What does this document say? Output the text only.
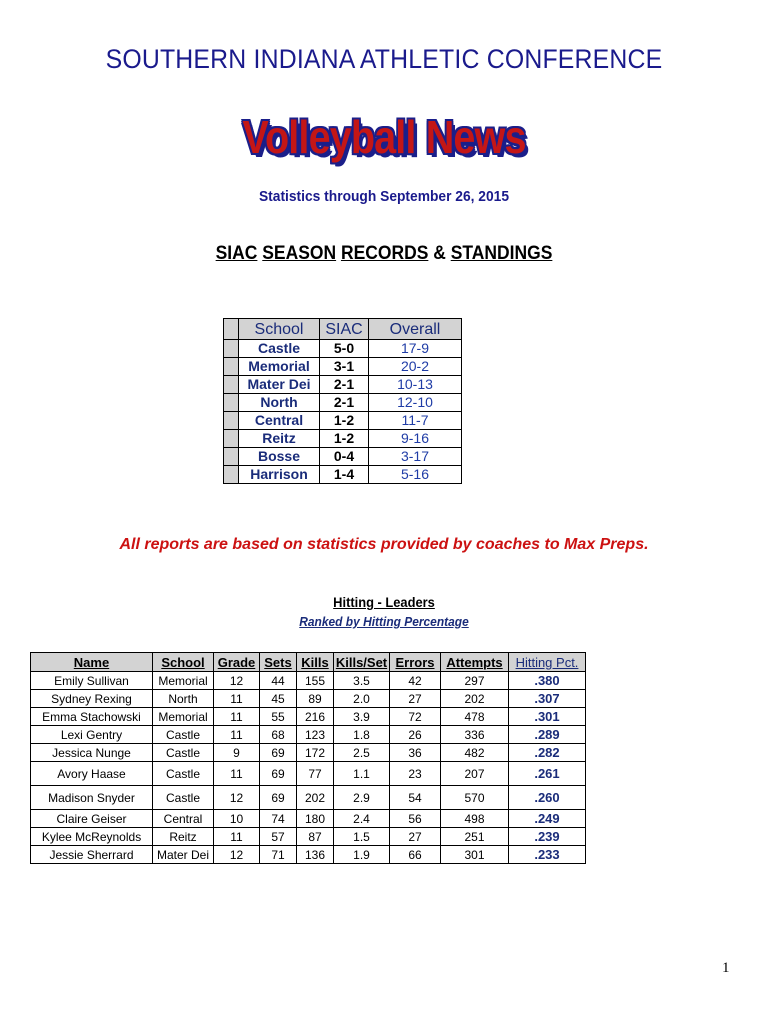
SOUTHERN INDIANA ATHLETIC CONFERENCE
Volleyball News
Statistics through September 26, 2015
SIAC SEASON RECORDS & STANDINGS
	School	SIAC	Overall
	Castle	5-0	17-9
	Memorial	3-1	20-2
	Mater Dei	2-1	10-13
	North	2-1	12-10
	Central	1-2	11-7
	Reitz	1-2	9-16
	Bosse	0-4	3-17
	Harrison	1-4	5-16
All reports are based on statistics provided by coaches to Max Preps.
Hitting - Leaders
Ranked by Hitting Percentage
Name	School	Grade	Sets	Kills	Kills/Set	Errors	Attempts	Hitting Pct.
Emily Sullivan	Memorial	12	44	155	3.5	42	297	.380
Sydney Rexing	North	11	45	89	2.0	27	202	.307
Emma Stachowski	Memorial	11	55	216	3.9	72	478	.301
Lexi Gentry	Castle	11	68	123	1.8	26	336	.289
Jessica Nunge	Castle	9	69	172	2.5	36	482	.282
Avory Haase	Castle	11	69	77	1.1	23	207	.261
Madison Snyder	Castle	12	69	202	2.9	54	570	.260
Claire Geiser	Central	10	74	180	2.4	56	498	.249
Kylee McReynolds	Reitz	11	57	87	1.5	27	251	.239
Jessie Sherrard	Mater Dei	12	71	136	1.9	66	301	.233
1
